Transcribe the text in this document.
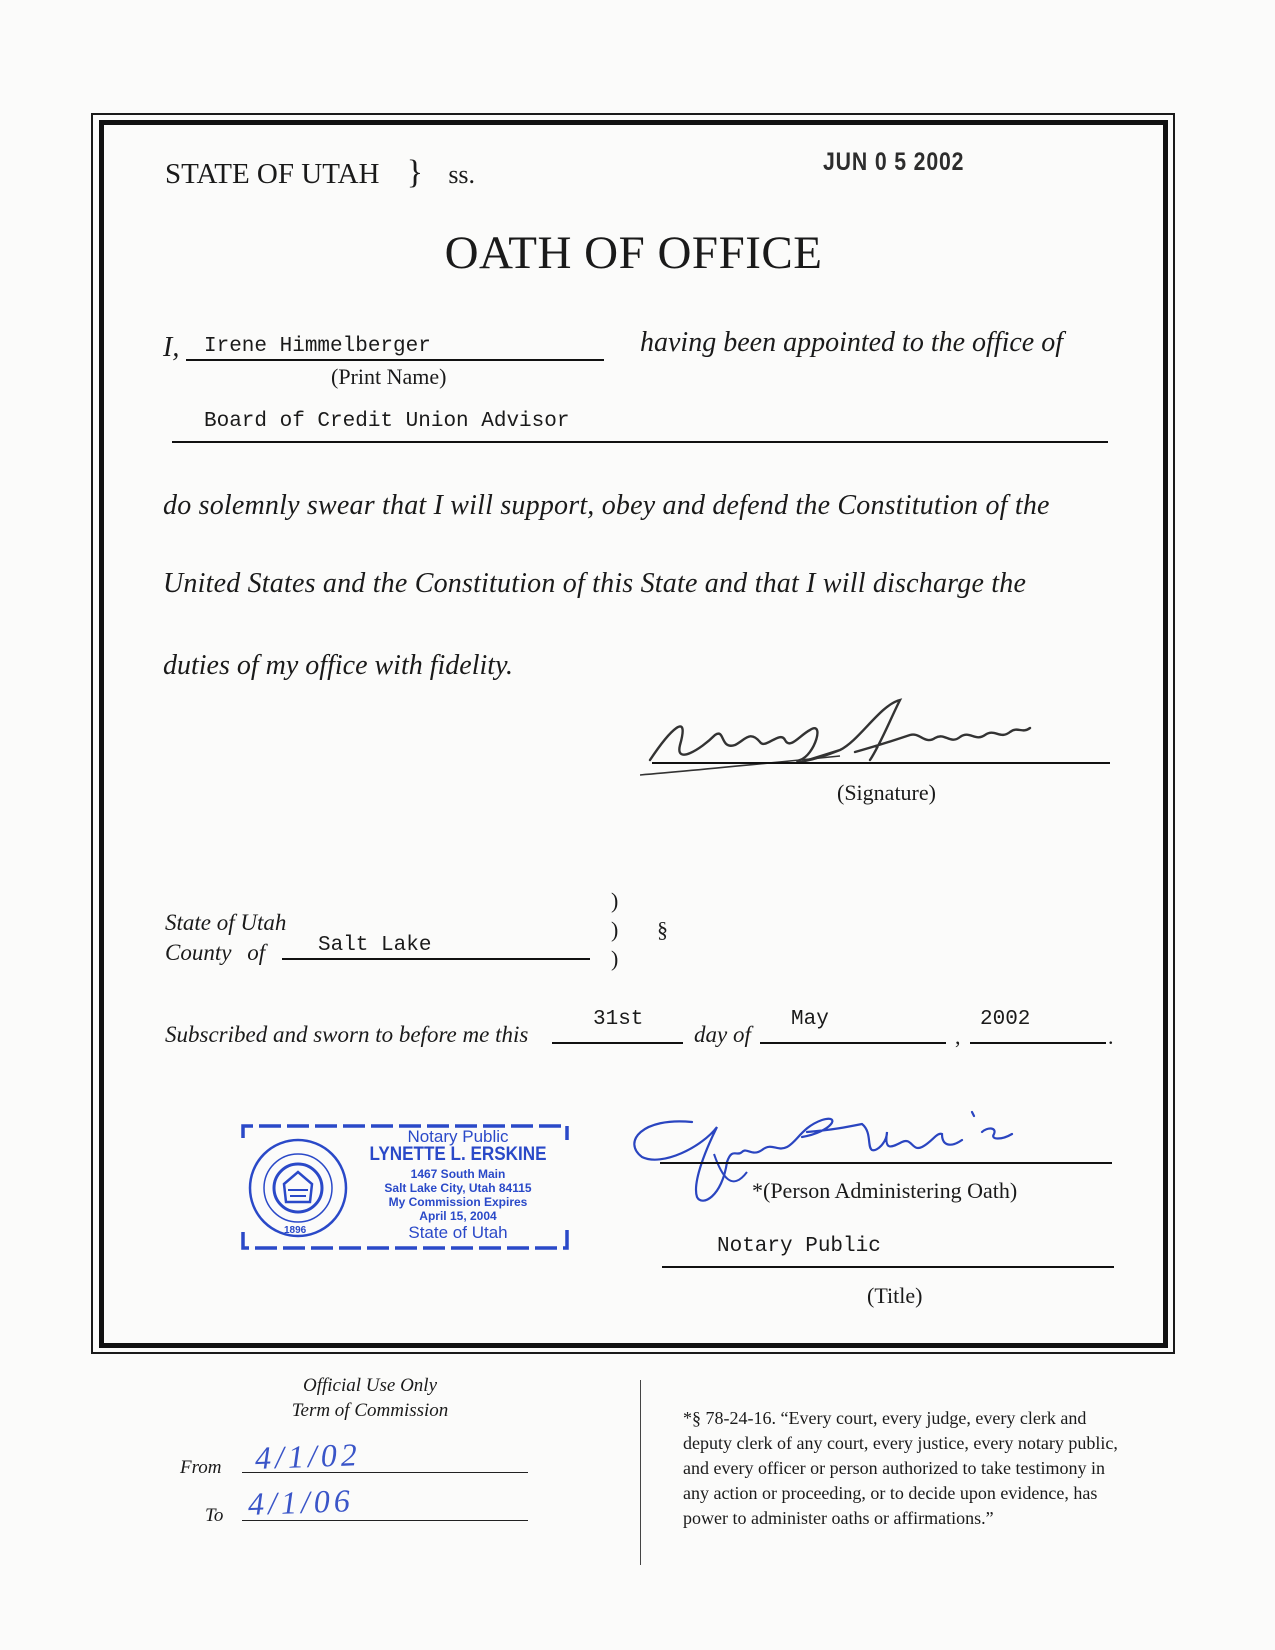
STATE OF UTAH } ss.	JUN 0 5 2002
OATH OF OFFICE
I, Irene Himmelberger
(Print Name)
having been appointed to the office of
Board of Credit Union Advisor
do solemnly swear that I will support, obey and defend the Constitution of the
United States and the Constitution of this State and that I will discharge the
duties of my office with fidelity.
(Signature)
State of Utah
County of	Salt Lake
)
)
)
§
Subscribed and sworn to before me this
31st
day of
May
,
2002
.
1896
Notary Public
LYNETTE L. ERSKINE
1467 South Main
Salt Lake City, Utah 84115
My Commission Expires
April 15, 2004
State of Utah
*(Person Administering Oath)
Notary Public
(Title)
Official Use Only
Term of Commission
From 4/1/02
To 4/1/06
*§ 78-24-16. “Every court, every judge, every clerk and
deputy clerk of any court, every justice, every notary public,
and every officer or person authorized to take testimony in
any action or proceeding, or to decide upon evidence, has
power to administer oaths or affirmations.”
